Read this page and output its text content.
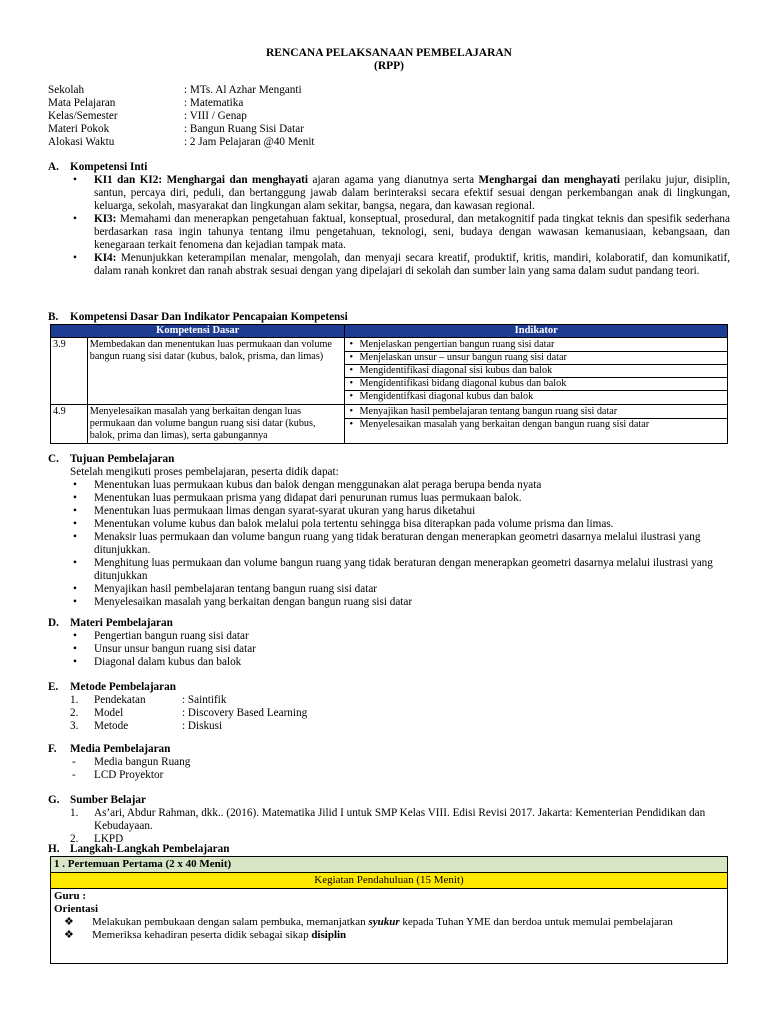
RENCANA PELAKSANAAN PEMBELAJARAN
(RPP)
Sekolah	: MTs. Al Azhar Menganti
Mata Pelajaran	: Matematika
Kelas/Semester	: VIII / Genap
Materi Pokok	: Bangun Ruang Sisi Datar
Alokasi Waktu	: 2 Jam Pelajaran @40 Menit
A. Kompetensi Inti
• KI1 dan KI2: Menghargai dan menghayati ajaran agama yang dianutnya serta Menghargai dan menghayati perilaku jujur, disiplin, santun, percaya diri, peduli, dan bertanggung jawab dalam berinteraksi secara efektif sesuai dengan perkembangan anak di lingkungan, keluarga, sekolah, masyarakat dan lingkungan alam sekitar, bangsa, negara, dan kawasan regional.
• KI3: Memahami dan menerapkan pengetahuan faktual, konseptual, prosedural, dan metakognitif pada tingkat teknis dan spesifik sederhana berdasarkan rasa ingin tahunya tentang ilmu pengetahuan, teknologi, seni, budaya dengan wawasan kemanusiaan, kebangsaan, dan kenegaraan terkait fenomena dan kejadian tampak mata.
• KI4: Menunjukkan keterampilan menalar, mengolah, dan menyaji secara kreatif, produktif, kritis, mandiri, kolaboratif, dan komunikatif, dalam ranah konkret dan ranah abstrak sesuai dengan yang dipelajari di sekolah dan sumber lain yang sama dalam sudut pandang teori.
B.	Kompetensi Dasar Dan Indikator Pencapaian Kompetensi
Kompetensi Dasar		Indikator
3.9	Membedakan dan menentukan luas permukaan dan volume bangun ruang sisi datar (kubus, balok, prisma, dan limas)	• Menjelaskan pengertian bangun ruang sisi datar
• Menjelaskan unsur – unsur bangun ruang sisi datar
• Mengidentifikasi diagonal sisi kubus dan balok
• Mengidentifikasi bidang diagonal kubus dan balok
• Mengidentifkasi diagonal kubus dan balok

4.9	Menyelesaikan masalah yang berkaitan dengan luas permukaan dan volume bangun ruang sisi datar (kubus, balok, prima dan limas), serta gabungannya	• Menyajikan hasil pembelajaran tentang bangun ruang sisi datar
• Menyelesaikan masalah yang berkaitan dengan bangun ruang sisi datar
C. Tujuan Pembelajaran
Setelah mengikuti proses pembelajaran, peserta didik dapat:
• Menentukan luas permukaan kubus dan balok dengan menggunakan alat peraga berupa benda nyata
• Menentukan luas permukaan prisma yang didapat dari penurunan rumus luas permukaan balok.
• Menentukan luas permukaan limas dengan syarat-syarat ukuran yang harus diketahui
• Menentukan volume kubus dan balok melalui pola tertentu sehingga bisa diterapkan pada volume prisma dan limas.
• Menaksir luas permukaan dan volume bangun ruang yang tidak beraturan dengan menerapkan geometri dasarnya melalui ilustrasi yang ditunjukkan.
• Menghitung luas permukaan dan volume bangun ruang yang tidak beraturan dengan menerapkan geometri dasarnya melalui ilustrasi yang ditunjukkan
• Menyajikan hasil pembelajaran tentang bangun ruang sisi datar
• Menyelesaikan masalah yang berkaitan dengan bangun ruang sisi datar
D. Materi Pembelajaran
• Pengertian bangun ruang sisi datar
• Unsur unsur bangun ruang sisi datar
• Diagonal dalam kubus dan balok
E.	Metode Pembelajaran
1. Pendekatan	: Saintifik
2. Model	: Discovery Based Learning
3. Metode	: Diskusi
F.	Media Pembelajaran
- Media bangun Ruang
- LCD Proyektor
G. Sumber Belajar
1. As’ari, Abdur Rahman, dkk.. (2016). Matematika Jilid I untuk SMP Kelas VIII. Edisi Revisi 2017. Jakarta: Kementerian Pendidikan dan Kebudayaan.
2. LKPD
H. Langkah-Langkah Pembelajaran
1 . Pertemuan Pertama (2 x 40 Menit)
Kegiatan Pendahuluan (15 Menit)

Guru :
Orientasi
❖ Melakukan pembukaan dengan salam pembuka, memanjatkan syukur kepada Tuhan YME dan berdoa untuk memulai pembelajaran
❖ Memeriksa kehadiran peserta didik sebagai sikap disiplin
